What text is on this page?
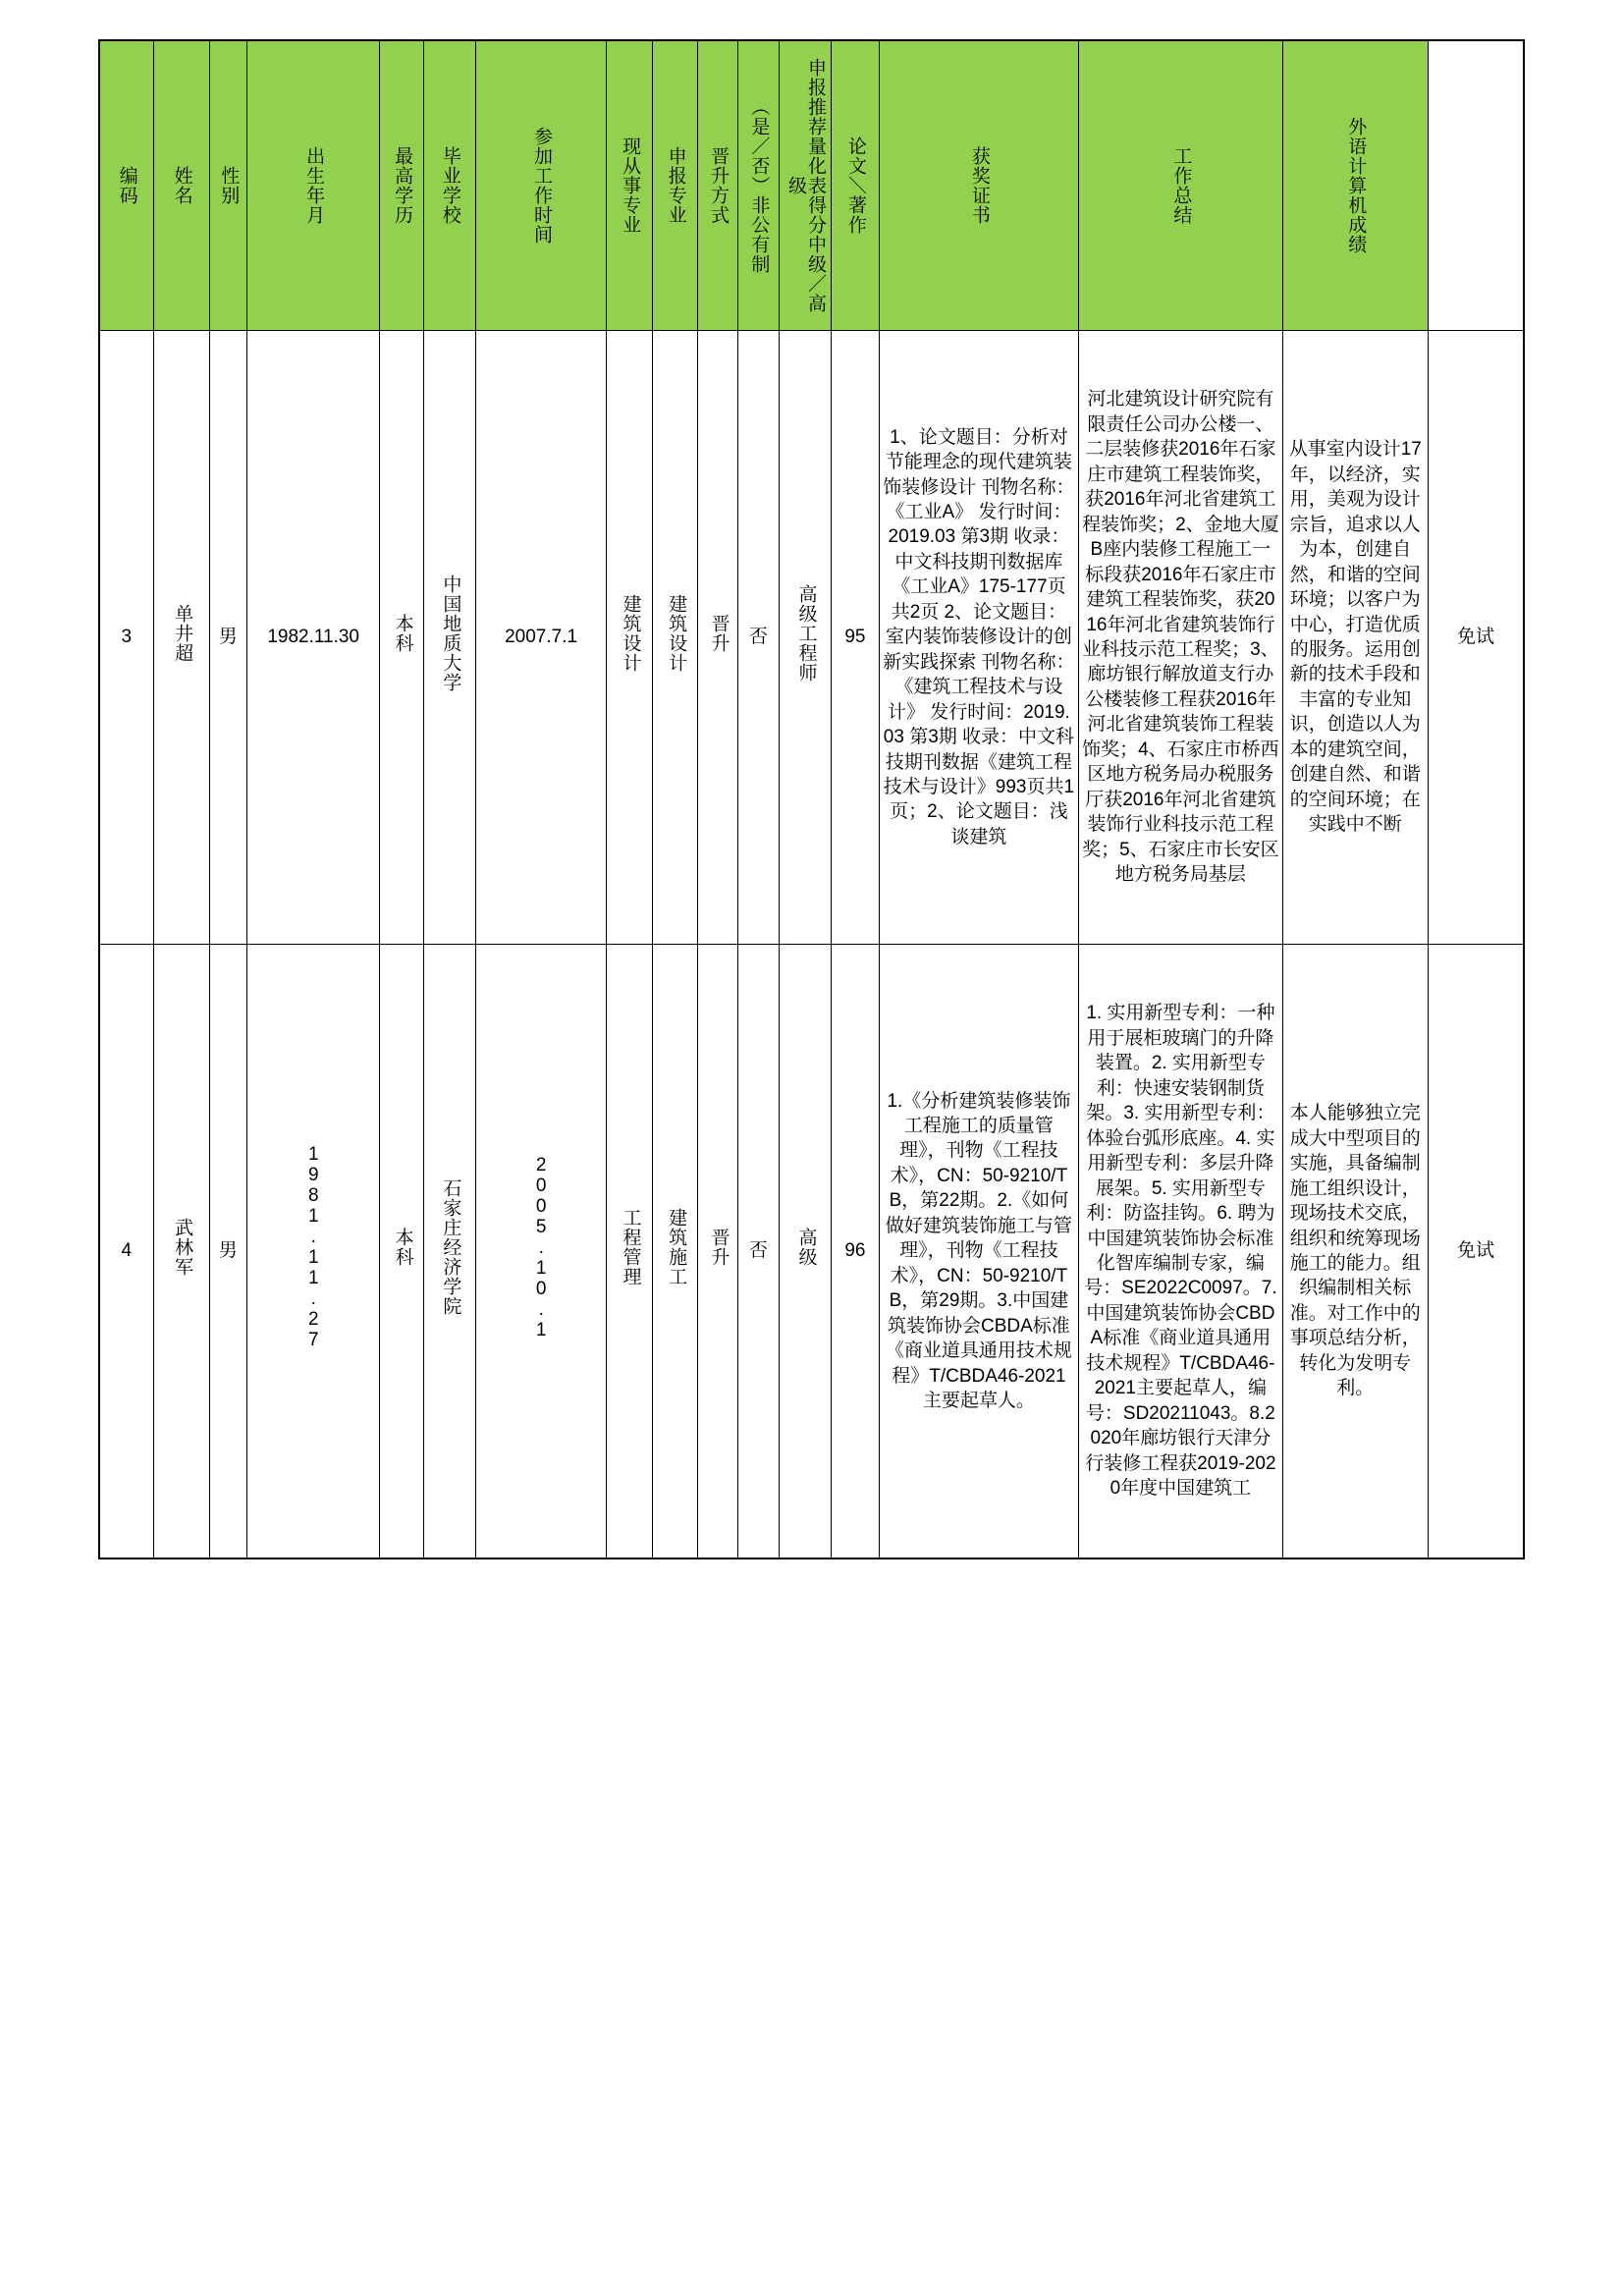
编码	姓名	性别	出生年月	最高学历	毕业学校	参加工作时间	现从事专业	申报专业	晋升方式	（是／否）非公有制	申报推荐量化表得分中级／高级	论文＼著作	获奖证书	工作总结	外语计算机成绩	

3	单井超	男	1982.11.30	本科	中国地质大学	2007.7.1	建筑设计	建筑设计	晋升	否	高级工程师	95	1、论文题目：分析对节能理念的现代建筑装饰装修设计 刊物名称：《工业A》 发行时间：2019.03 第3期 收录：中文科技期刊数据库《工业A》175-177页共2页 2、论文题目：室内装饰装修设计的创新实践探索 刊物名称：《建筑工程技术与设计》 发行时间：2019.03 第3期 收录：中文科技期刊数据《建筑工程技术与设计》993页共1页；2、论文题目：浅谈建筑	河北建筑设计研究院有限责任公司办公楼一、二层装修获2016年石家庄市建筑工程装饰奖，获2016年河北省建筑工程装饰奖；2、金地大厦B座内装修工程施工一标段获2016年石家庄市建筑工程装饰奖，获2016年河北省建筑装饰行业科技示范工程奖；3、廊坊银行解放道支行办公楼装修工程获2016年河北省建筑装饰工程装饰奖；4、石家庄市桥西区地方税务局办税服务厅获2016年河北省建筑装饰行业科技示范工程奖；5、石家庄市长安区地方税务局基层	从事室内设计17年，以经济，实用，美观为设计宗旨，追求以人为本，创建自然，和谐的空间环境；以客户为中心，打造优质的服务。运用创新的技术手段和丰富的专业知识，创造以人为本的建筑空间，创建自然、和谐的空间环境；在实践中不断	免试
4	武林军	男	1981.11.27	本科	石家庄经济学院	2005.10.1	工程管理	建筑施工	晋升	否	高级	96	1.《分析建筑装修装饰工程施工的质量管理》，刊物《工程技术》，CN：50-9210/TB，第22期。2.《如何做好建筑装饰施工与管理》，刊物《工程技术》，CN：50-9210/TB，第29期。3.中国建筑装饰协会CBDA标准《商业道具通用技术规程》T/CBDA46-2021主要起草人。	1. 实用新型专利：一种用于展柜玻璃门的升降装置。2. 实用新型专利：快速安装钢制货架。3. 实用新型专利：体验台弧形底座。4. 实用新型专利：多层升降展架。5. 实用新型专利：防盗挂钩。6. 聘为中国建筑装饰协会标准化智库编制专家，编号：SE2022C0097。7. 中国建筑装饰协会CBDA标准《商业道具通用技术规程》T/CBDA46-2021主要起草人，编号：SD20211043。8.2020年廊坊银行天津分行装修工程获2019-2020年度中国建筑工	本人能够独立完成大中型项目的实施，具备编制施工组织设计，现场技术交底，组织和统筹现场施工的能力。组织编制相关标准。对工作中的事项总结分析，转化为发明专利。	免试
